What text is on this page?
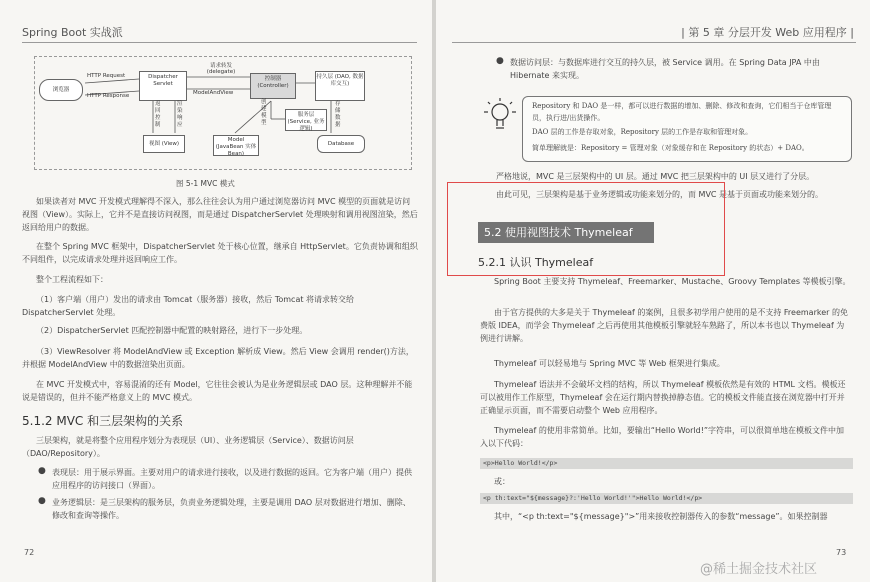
Spring Boot 实战派
浏览器
HTTP Request
HTTP Response
Dispatcher Servlet
请求转发 (delegate)
ModelAndView
控制器 (Controller)
持久层 (DAO, 数据库交互)
返回控制
渲染响应
创建模型
服务层 (Service, 业务逻辑)
存储数据
视图 (View)
Model (JavaBean 实体Bean)
Database
图 5-1 MVC 模式
如果读者对 MVC 开发模式理解得不深入，那么往往会认为用户通过浏览器访问 MVC 模型的页面就是访问视图（View）。实际上，它并不是直接访问视图，而是通过 DispatcherServlet 处理映射和调用视图渲染，然后返回给用户的数据。
在整个 Spring MVC 框架中，DispatcherServlet 处于核心位置，继承自 HttpServlet。它负责协调和组织不同组件，以完成请求处理并返回响应工作。
整个工程流程如下：
（1）客户端（用户）发出的请求由 Tomcat（服务器）接收，然后 Tomcat 将请求转交给 DispatcherServlet 处理。
（2）DispatcherServlet 匹配控制器中配置的映射路径，进行下一步处理。
（3）ViewResolver 将 ModelAndView 或 Exception 解析成 View。然后 View 会调用 render()方法，并根据 ModelAndView 中的数据渲染出页面。
在 MVC 开发模式中，容易混淆的还有 Model，它往往会被认为是业务逻辑层或 DAO 层。这种理解并不能说是错误的，但并不能严格意义上的 MVC 模式。
5.1.2 MVC 和三层架构的关系
三层架构，就是将整个应用程序划分为表现层（UI）、业务逻辑层（Service）、数据访问层（DAO/Repository）。
● 表现层：用于展示界面。主要对用户的请求进行接收，以及进行数据的返回。它为客户端（用户）提供应用程序的访问接口（界面）。
● 业务逻辑层：是三层架构的服务层，负责业务逻辑处理，主要是调用 DAO 层对数据进行增加、删除、修改和查询等操作。
72
| 第 5 章 分层开发 Web 应用程序 |
● 数据访问层：与数据库进行交互的持久层，被 Service 调用。在 Spring Data JPA 中由 Hibernate 来实现。
Repository 和 DAO 是一样，都可以进行数据的增加、删除、修改和查询，它们相当于仓库管理员，执行进/出货操作。
DAO 层的工作是存取对象，Repository 层的工作是存取和管理对象。
简单理解就是：Repository = 管理对象（对象缓存和在 Repository 的状态）+ DAO。
严格地说，MVC 是三层架构中的 UI 层。通过 MVC 把三层架构中的 UI 层又进行了分层。
由此可见，三层架构是基于业务逻辑或功能来划分的，而 MVC 是基于页面或功能来划分的。
5.2 使用视图技术 Thymeleaf
5.2.1 认识 Thymeleaf
Spring Boot 主要支持 Thymeleaf、Freemarker、Mustache、Groovy Templates 等模板引擎。
由于官方提供的大多是关于 Thymeleaf 的案例，且很多初学用户使用的是不支持 Freemarker 的免费版 IDEA，而学会 Thymeleaf 之后再使用其他模板引擎就轻车熟路了，所以本书也以 Thymeleaf 为例进行讲解。
Thymeleaf 可以轻易地与 Spring MVC 等 Web 框架进行集成。
Thymeleaf 语法并不会破坏文档的结构，所以 Thymeleaf 模板依然是有效的 HTML 文档。模板还可以被用作工作原型，Thymeleaf 会在运行期内替换掉静态值。它的模板文件能直接在浏览器中打开并正确显示页面，而不需要启动整个 Web 应用程序。
Thymeleaf 的使用非常简单。比如，要输出“Hello World!”字符串，可以很简单地在模板文件中加入以下代码：
<p>Hello World!</p>
或：
<p th:text="${message}?:'Hello World!'">Hello World!</p>
其中，“<p th:text="${message}">”用来接收控制器传入的参数“message”。如果控制器
73
@稀土掘金技术社区
